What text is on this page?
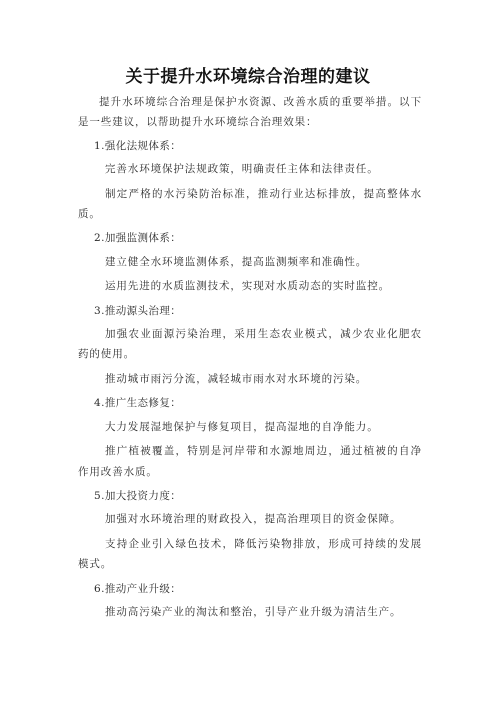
关于提升水环境综合治理的建议

提升水环境综合治理是保护水资源、改善水质的重要举措。以下是一些建议，以帮助提升水环境综合治理效果：

1.强化法规体系：

完善水环境保护法规政策，明确责任主体和法律责任。

制定严格的水污染防治标准，推动行业达标排放，提高整体水质。

2.加强监测体系：

建立健全水环境监测体系，提高监测频率和准确性。

运用先进的水质监测技术，实现对水质动态的实时监控。

3.推动源头治理：

加强农业面源污染治理，采用生态农业模式，减少农业化肥农药的使用。

推动城市雨污分流，减轻城市雨水对水环境的污染。

4.推广生态修复：

大力发展湿地保护与修复项目，提高湿地的自净能力。

推广植被覆盖，特别是河岸带和水源地周边，通过植被的自净作用改善水质。

5.加大投资力度：

加强对水环境治理的财政投入，提高治理项目的资金保障。

支持企业引入绿色技术，降低污染物排放，形成可持续的发展模式。

6.推动产业升级：

推动高污染产业的淘汰和整治，引导产业升级为清洁生产。
